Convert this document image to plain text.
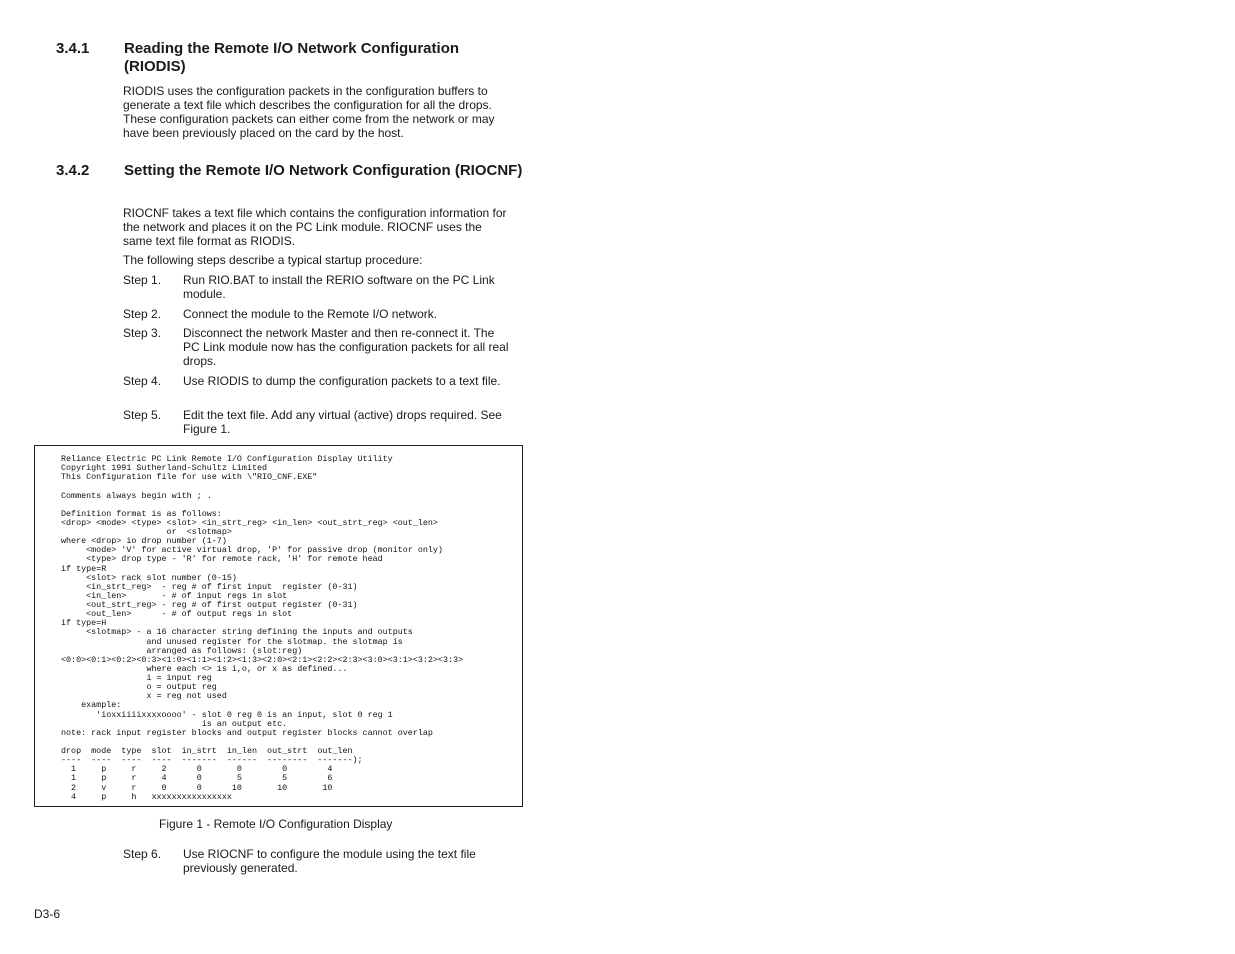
3.4.1 Reading the Remote I/O Network Configuration (RIODIS)
RIODIS uses the configuration packets in the configuration buffers to generate a text file which describes the configuration for all the drops. These configuration packets can either come from the network or may have been previously placed on the card by the host.
3.4.2 Setting the Remote I/O Network Configuration (RIOCNF)
RIOCNF takes a text file which contains the configuration information for the network and places it on the PC Link module. RIOCNF uses the same text file format as RIODIS.
The following steps describe a typical startup procedure:
Step 1. Run RIO.BAT to install the RERIO software on the PC Link module.
Step 2. Connect the module to the Remote I/O network.
Step 3. Disconnect the network Master and then re-connect it. The PC Link module now has the configuration packets for all real drops.
Step 4. Use RIODIS to dump the configuration packets to a text file.
Step 5. Edit the text file. Add any virtual (active) drops required. See Figure 1.
Reliance Electric PC Link Remote I/O Configuration Display Utility
Copyright 1991 Sutherland-Schultz Limited
This Configuration file for use with \"RIO_CNF.EXE"

Comments always begin with ; .

Definition format is as follows:
<drop> <mode> <type> <slot> <in_strt_reg> <in_len> <out_strt_reg> <out_len>
or  <slotmap>
where <drop> io drop number (1-7)
<mode> 'V' for active virtual drop, 'P' for passive drop (monitor only)
<type> drop type - 'R' for remote rack, 'H' for remote head
if type=R
<slot> rack slot number (0-15)
<in_strt_reg>  - reg # of first input  register (0-31)
<in_len>       - # of input regs in slot
<out_strt_reg> - reg # of first output register (0-31)
<out_len>      - # of output regs in slot
if type=H
<slotmap> - a 16 character string defining the inputs and outputs
and unused register for the slotmap. the slotmap is
arranged as follows: (slot:reg)
<0:0><0:1><0:2><0:3><1:0><1:1><1:2><1:3><2:0><2:1><2:2><2:3><3:0><3:1><3:2><3:3>
where each <> is i,o, or x as defined...
i = input reg
o = output reg
x = reg not used
example:
'ioxxiiiixxxxoooo' - slot 0 reg 0 is an input, slot 0 reg 1
is an output etc.
note: rack input register blocks and output register blocks cannot overlap

drop  mode  type  slot  in_strt  in_len  out_strt  out_len
----  ----  ----  ----  -------  ------  --------  -------);
1     p     r     2      0       0        0        4
1     p     r     4      0       5        5        6
2     v     r     0      0      10       10       10
4     p     h   xxxxxxxxxxxxxxxx
Figure 1 - Remote I/O Configuration Display
Step 6. Use RIOCNF to configure the module using the text file previously generated.
D3-6
